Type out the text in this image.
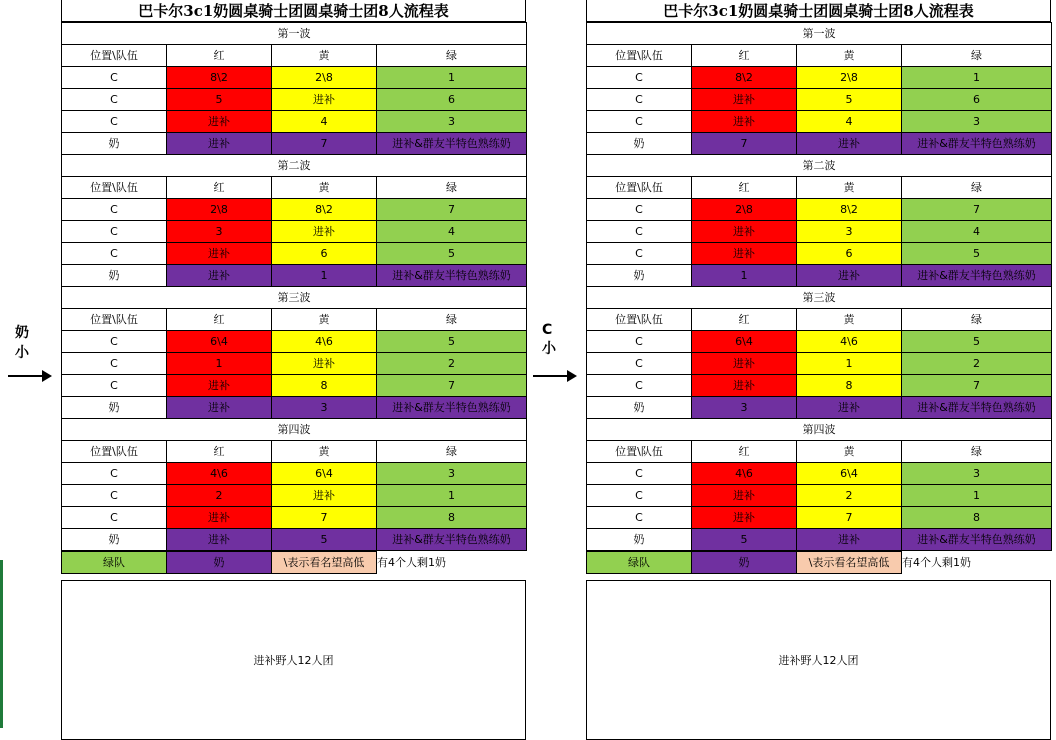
奶小
C小
巴卡尔3c1奶圆桌骑士团圆桌骑士团8人流程表
第一波			
位置\队伍	红	黄	绿
C	8\2	2\8	1
C	5	进补	6
C	进补	4	3
奶	进补	7	进补&群友半特色熟练奶
第二波			
位置\队伍	红	黄	绿
C	2\8	8\2	7
C	3	进补	4
C	进补	6	5
奶	进补	1	进补&群友半特色熟练奶
第三波			
位置\队伍	红	黄	绿
C	6\4	4\6	5
C	1	进补	2
C	进补	8	7
奶	进补	3	进补&群友半特色熟练奶
第四波			
位置\队伍	红	黄	绿
C	4\6	6\4	3
C	2	进补	1
C	进补	7	8
奶	进补	5	进补&群友半特色熟练奶
绿队	奶	\表示看名望高低	有4个人剩1奶
进补野人12人团
巴卡尔3c1奶圆桌骑士团圆桌骑士团8人流程表
第一波			
位置\队伍	红	黄	绿
C	8\2	2\8	1
C	进补	5	6
C	进补	4	3
奶	7	进补	进补&群友半特色熟练奶
第二波			
位置\队伍	红	黄	绿
C	2\8	8\2	7
C	进补	3	4
C	进补	6	5
奶	1	进补	进补&群友半特色熟练奶
第三波			
位置\队伍	红	黄	绿
C	6\4	4\6	5
C	进补	1	2
C	进补	8	7
奶	3	进补	进补&群友半特色熟练奶
第四波			
位置\队伍	红	黄	绿
C	4\6	6\4	3
C	进补	2	1
C	进补	7	8
奶	5	进补	进补&群友半特色熟练奶
绿队	奶	\表示看名望高低	有4个人剩1奶
进补野人12人团
